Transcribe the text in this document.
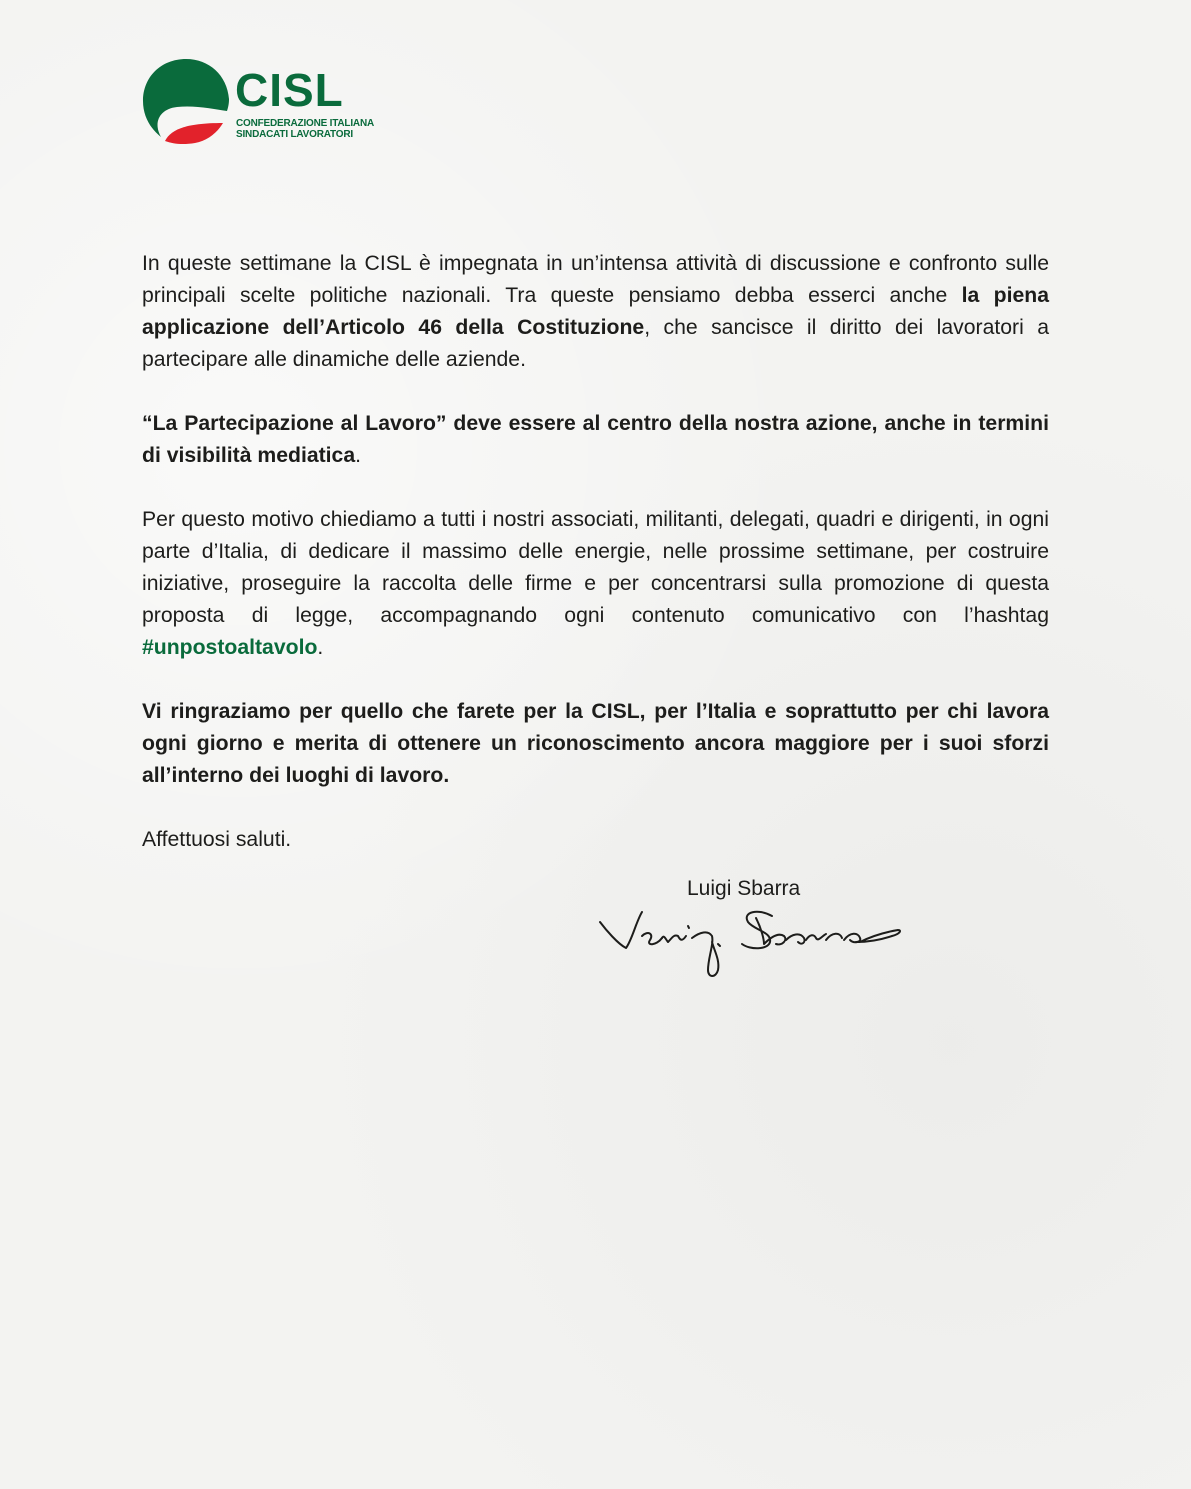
CISL
CONFEDERAZIONE ITALIANA
SINDACATI LAVORATORI

In queste settimane la CISL è impegnata in un’intensa attività di discussione e confronto sulle principali scelte politiche nazionali. Tra queste pensiamo debba esserci anche la piena applicazione dell’Articolo 46 della Costituzione, che sancisce il diritto dei lavoratori a partecipare alle dinamiche delle aziende.

“La Partecipazione al Lavoro” deve essere al centro della nostra azione, anche in termini di visibilità mediatica.

Per questo motivo chiediamo a tutti i nostri associati, militanti, delegati, quadri e dirigenti, in ogni parte d’Italia, di dedicare il massimo delle energie, nelle prossime settimane, per costruire iniziative, proseguire la raccolta delle firme e per concentrarsi sulla promozione di questa proposta di legge, accompagnando ogni contenuto comunicativo con l’hashtag #unpostoaltavolo.

Vi ringraziamo per quello che farete per la CISL, per l’Italia e soprattutto per chi lavora ogni giorno e merita di ottenere un riconoscimento ancora maggiore per i suoi sforzi all’interno dei luoghi di lavoro.

Affettuosi saluti.

Luigi Sbarra
